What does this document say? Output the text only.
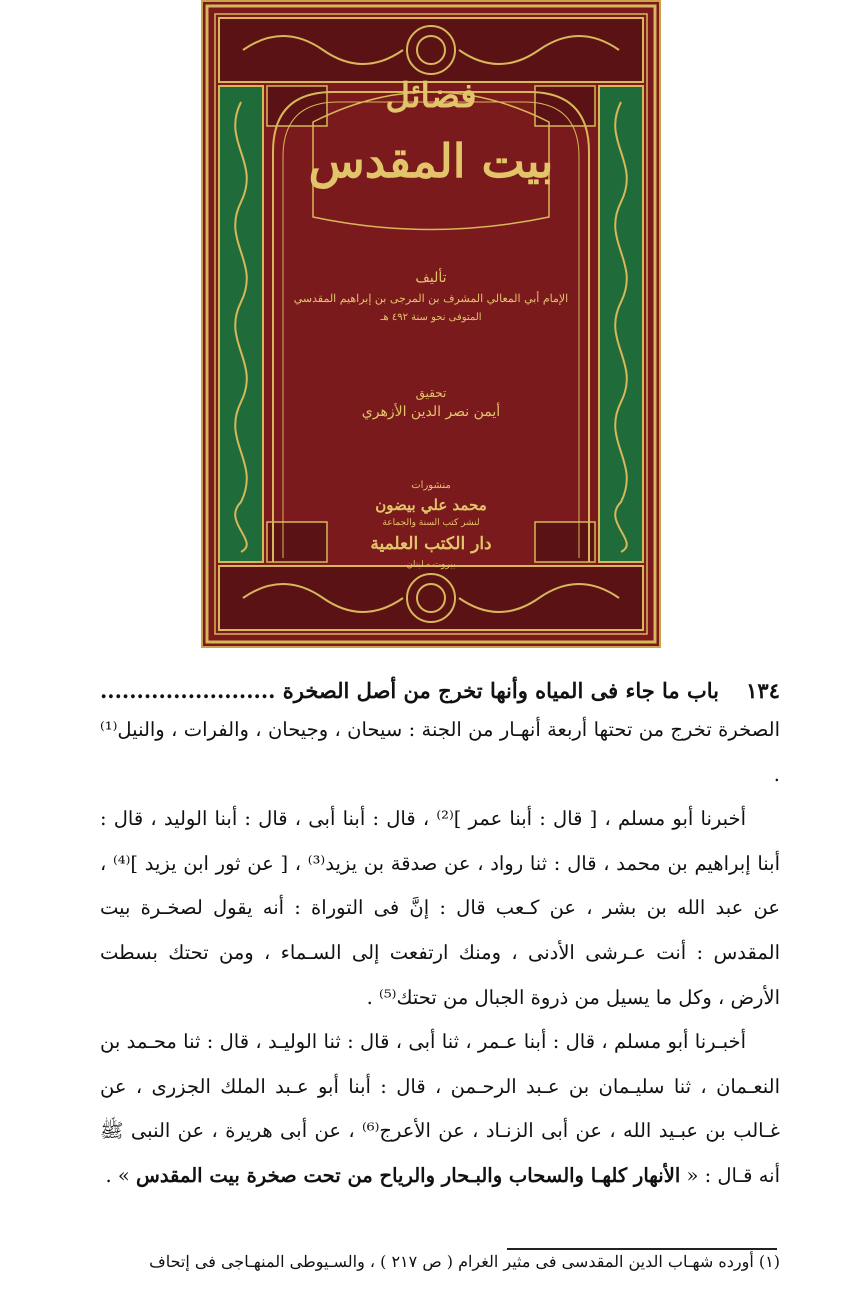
فضائل
بيت المقدس
تأليف
الإمام أبي المعالي المشرف بن المرجى بن إبراهيم المقدسي
المتوفى نحو سنة ٤٩٢ هـ
تحقيق
أيمن نصر الدين الأزهري
منشورات
محمد علي بيضون
لنشر كتب السنة والجماعة
دار الكتب العلمية
بيروت - لبنان
١٣٤
باب ما جاء فى المياه وأنها تخرج من أصل الصخرة ........................

الصخرة تخرج من تحتها أربعة أنهـار من الجنة : سيحان ، وجيحان ، والفرات ، والنيل⁽¹⁾ .

أخبرنا أبو مسلم ، [ قال : أبنا عمر ]⁽²⁾ ، قال : أبنا أبى ، قال : أبنا الوليد ، قال : أبنا إبراهيم بن محمد ، قال : ثنا رواد ، عن صدقة بن يزيد⁽³⁾ ، [ عن ثور ابن يزيد ]⁽⁴⁾ ، عن عبد الله بن بشر ، عن كـعب قال : إنَّ فى التوراة : أنه يقول لصخـرة بيت المقدس : أنت عـرشى الأدنى ، ومنك ارتفعت إلى السـماء ، ومن تحتك بسطت الأرض ، وكل ما يسيل من ذروة الجبال من تحتك⁽⁵⁾ .

أخبـرنا أبو مسلم ، قال : أبنا عـمر ، ثنا أبى ، قال : ثنا الوليـد ، قال : ثنا محـمد بن النعـمان ، ثنا سليـمان بن عـبد الرحـمن ، قال : أبنا أبو عـبد الملك الجزرى ، عن غـالب بن عبـيد الله ، عن أبى الزنـاد ، عن الأعرج⁽⁶⁾ ، عن أبى هريرة ، عن النبى ﷺ أنه قـال : « الأنهار كلهـا والسحاب والبـحار والرياح من تحت صخرة بيت المقدس » .

(١) أورده شهـاب الدين المقدسى فى مثير الغرام ( ص ٢١٧ ) ، والسـيوطى المنهـاجى فى إتحاف
